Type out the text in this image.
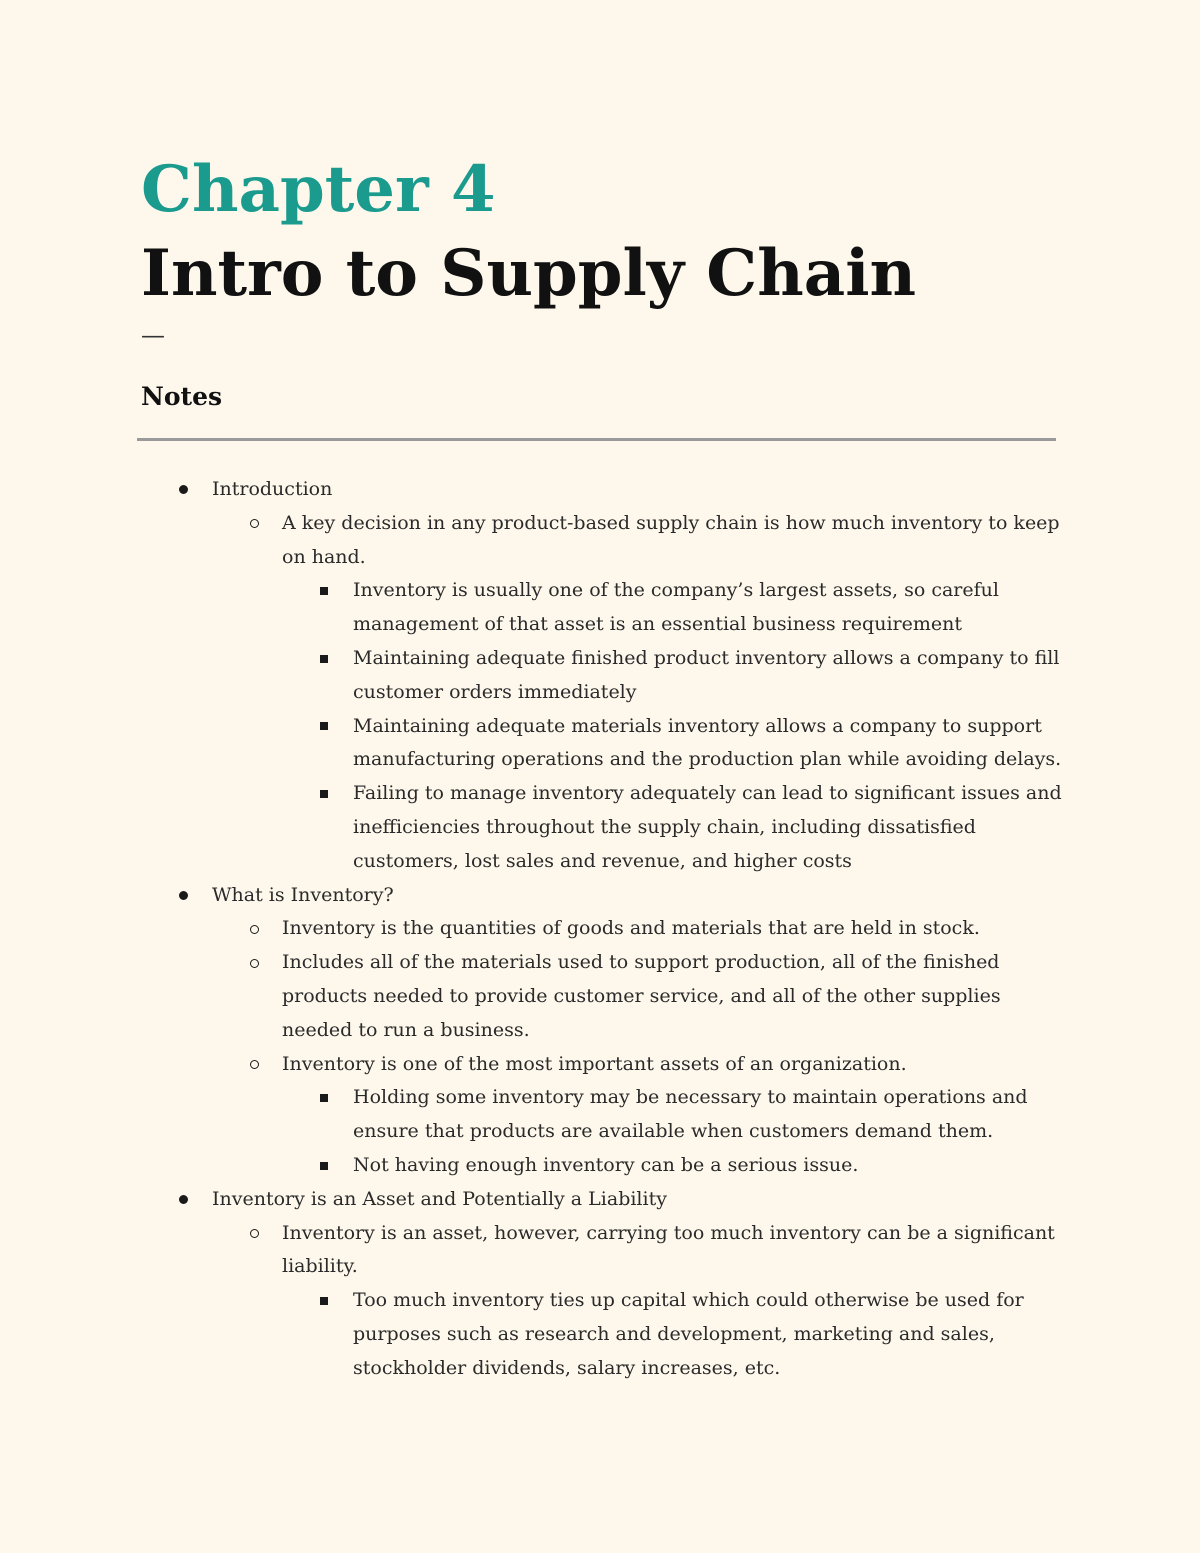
Chapter 4
Intro to Supply Chain
—
Notes
Introduction
A key decision in any product-based supply chain is how much inventory to keep
on hand.
Inventory is usually one of the company’s largest assets, so careful
management of that asset is an essential business requirement
Maintaining adequate finished product inventory allows a company to fill
customer orders immediately
Maintaining adequate materials inventory allows a company to support
manufacturing operations and the production plan while avoiding delays.
Failing to manage inventory adequately can lead to significant issues and
inefficiencies throughout the supply chain, including dissatisfied
customers, lost sales and revenue, and higher costs
What is Inventory?
Inventory is the quantities of goods and materials that are held in stock.
Includes all of the materials used to support production, all of the finished
products needed to provide customer service, and all of the other supplies
needed to run a business.
Inventory is one of the most important assets of an organization.
Holding some inventory may be necessary to maintain operations and
ensure that products are available when customers demand them.
Not having enough inventory can be a serious issue.
Inventory is an Asset and Potentially a Liability
Inventory is an asset, however, carrying too much inventory can be a significant
liability.
Too much inventory ties up capital which could otherwise be used for
purposes such as research and development, marketing and sales,
stockholder dividends, salary increases, etc.
